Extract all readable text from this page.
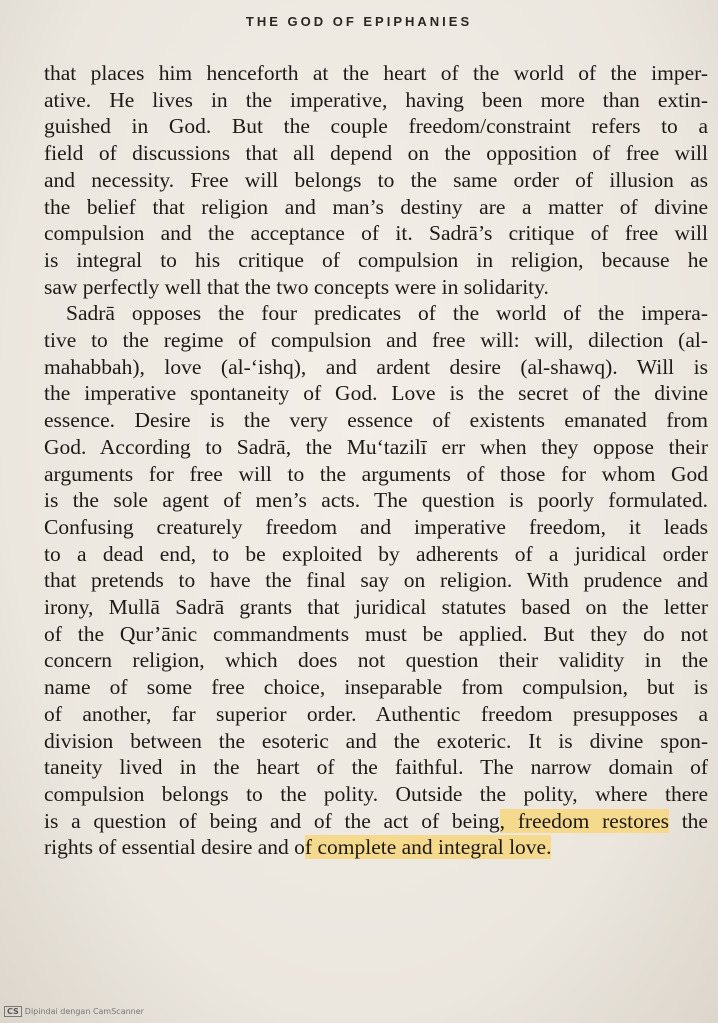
THE GOD OF EPIPHANIES
that places him henceforth at the heart of the world of the imper-
ative. He lives in the imperative, having been more than extin-
guished in God. But the couple freedom/constraint refers to a
field of discussions that all depend on the opposition of free will
and necessity. Free will belongs to the same order of illusion as
the belief that religion and man’s destiny are a matter of divine
compulsion and the acceptance of it. Sadrā’s critique of free will
is integral to his critique of compulsion in religion, because he
saw perfectly well that the two concepts were in solidarity.
Sadrā opposes the four predicates of the world of the impera-
tive to the regime of compulsion and free will: will, dilection (al-
mahabbah), love (al-‘ishq), and ardent desire (al-shawq). Will is
the imperative spontaneity of God. Love is the secret of the divine
essence. Desire is the very essence of existents emanated from
God. According to Sadrā, the Mu‘tazilī err when they oppose their
arguments for free will to the arguments of those for whom God
is the sole agent of men’s acts. The question is poorly formulated.
Confusing creaturely freedom and imperative freedom, it leads
to a dead end, to be exploited by adherents of a juridical order
that pretends to have the final say on religion. With prudence and
irony, Mullā Sadrā grants that juridical statutes based on the letter
of the Qur’ānic commandments must be applied. But they do not
concern religion, which does not question their validity in the
name of some free choice, inseparable from compulsion, but is
of another, far superior order. Authentic freedom presupposes a
division between the esoteric and the exoteric. It is divine spon-
taneity lived in the heart of the faithful. The narrow domain of
compulsion belongs to the polity. Outside the polity, where there
is a question of being and of the act of being, freedom restores the
rights of essential desire and of complete and integral love.
CS Dipindai dengan CamScanner
